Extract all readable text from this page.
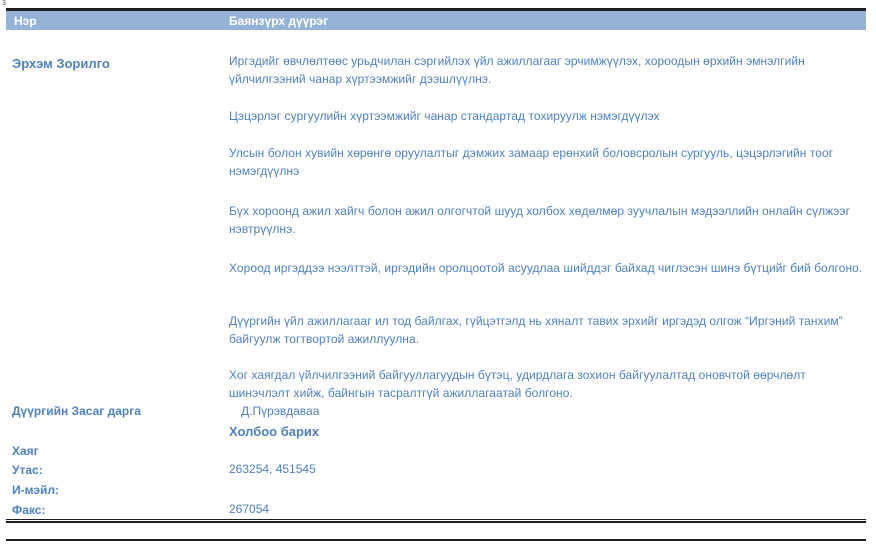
3
Нэр	Баянзүрх дүүрэг
Эрхэм Зорилго	Иргэдийг өвчлөлтөөс урьдчилан сэргийлэх үйл ажиллагааг эрчимжүүлэх, хороодын өрхийн эмнэлгийн үйлчилгээний чанар хүртээмжийг дээшлүүлнэ.
Цэцэрлэг сургуулийн хүртээмжийг чанар стандартад тохируулж нэмэгдүүлэх
Улсын болон хувийн хөрөнгө оруулалтыг дэмжих замаар ерөнхий боловсролын сургууль, цэцэрлэгийн тоог нэмэгдүүлнэ
Бүх хороонд ажил хайгч болон ажил олгогчтой шууд холбох хөдөлмөр зуучлалын мэдээллийн онлайн сүлжээг нэвтрүүлнэ.
Хороод иргэддээ нээлттэй, иргэдийн оролцоотой асуудлаа шийддэг байхад чиглэсэн шинэ бүтцийг бий болгоно.
Дүүргийн үйл ажиллагааг ил тод байлгах, гүйцэтгэлд нь хяналт тавих эрхийг иргэдэд олгож “Иргэний танхим” байгуулж тогтвортой ажиллуулна.
Хог хаягдал үйлчилгээний байгууллагуудын бүтэц, удирдлага зохион байгуулалтад оновчтой өөрчлөлт шинэчлэлт хийж, байнгын тасралтгүй ажиллагаатай болгоно.
Дүүргийн Засаг дарга	Д.Пүрэвдаваа
Холбоо барих
Хаяг
Утас:	263254, 451545
И-мэйл:
Факс:	267054
